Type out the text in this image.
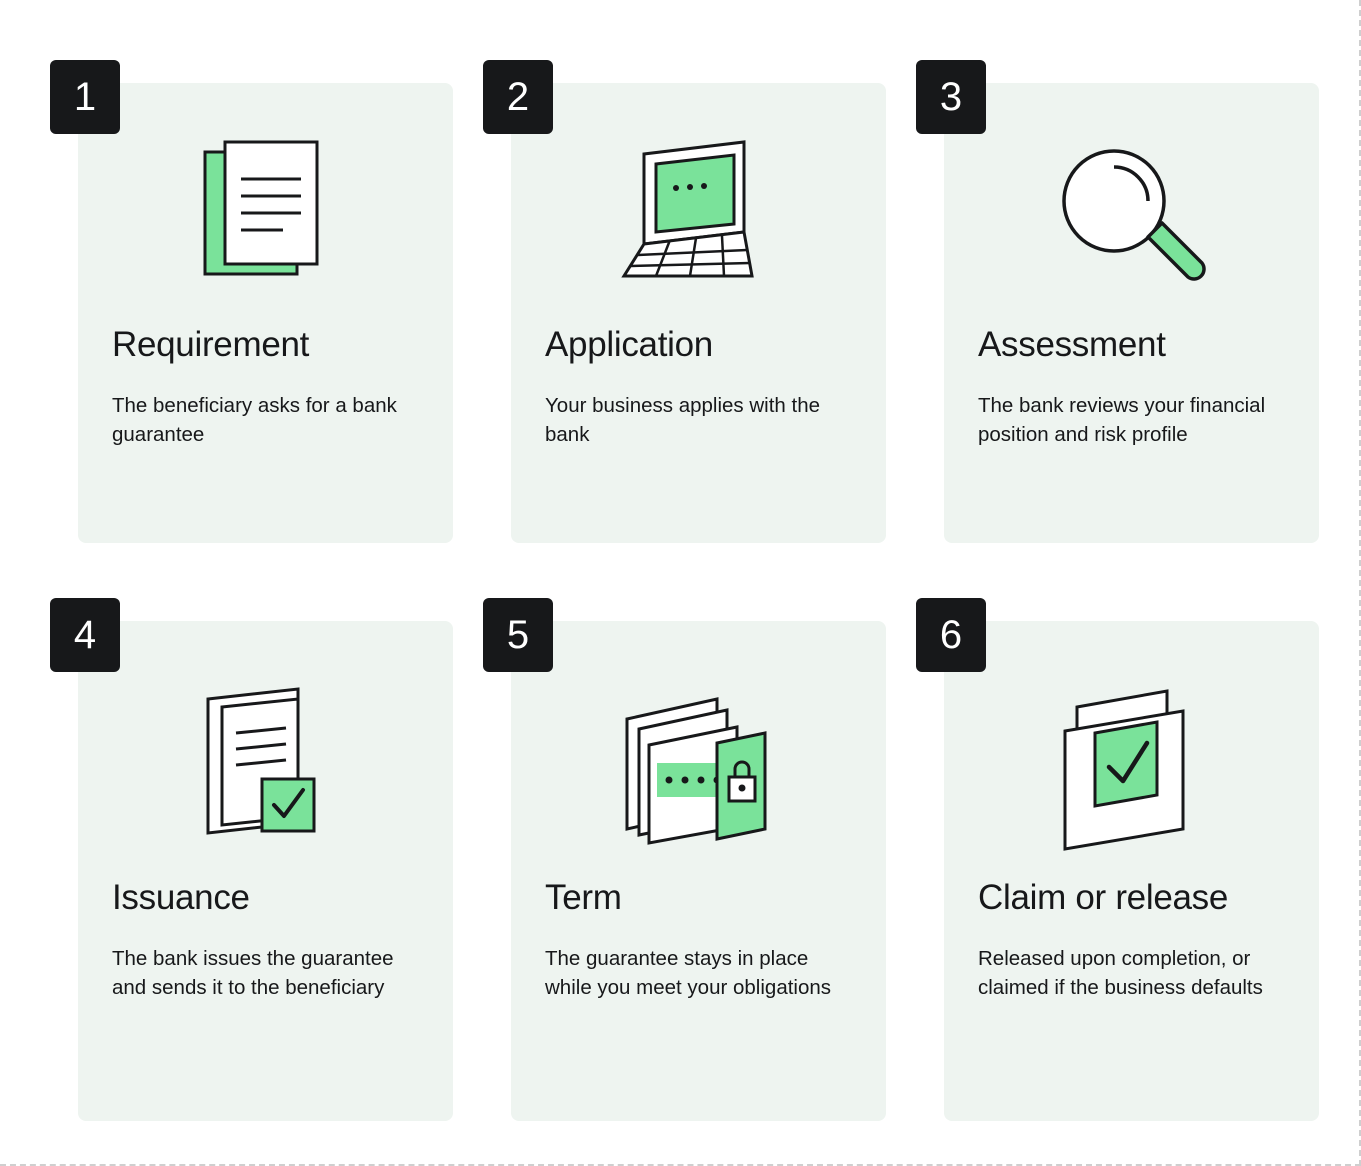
1
Requirement

The beneficiary asks for a bank guarantee

2
Application

Your business applies with the bank

3
Assessment

The bank reviews your financial position and risk profile

4
Issuance

The bank issues the guarantee and sends it to the beneficiary

5
Term

The guarantee stays in place while you meet your obligations

6
Claim or release

Released upon completion, or claimed if the business defaults
